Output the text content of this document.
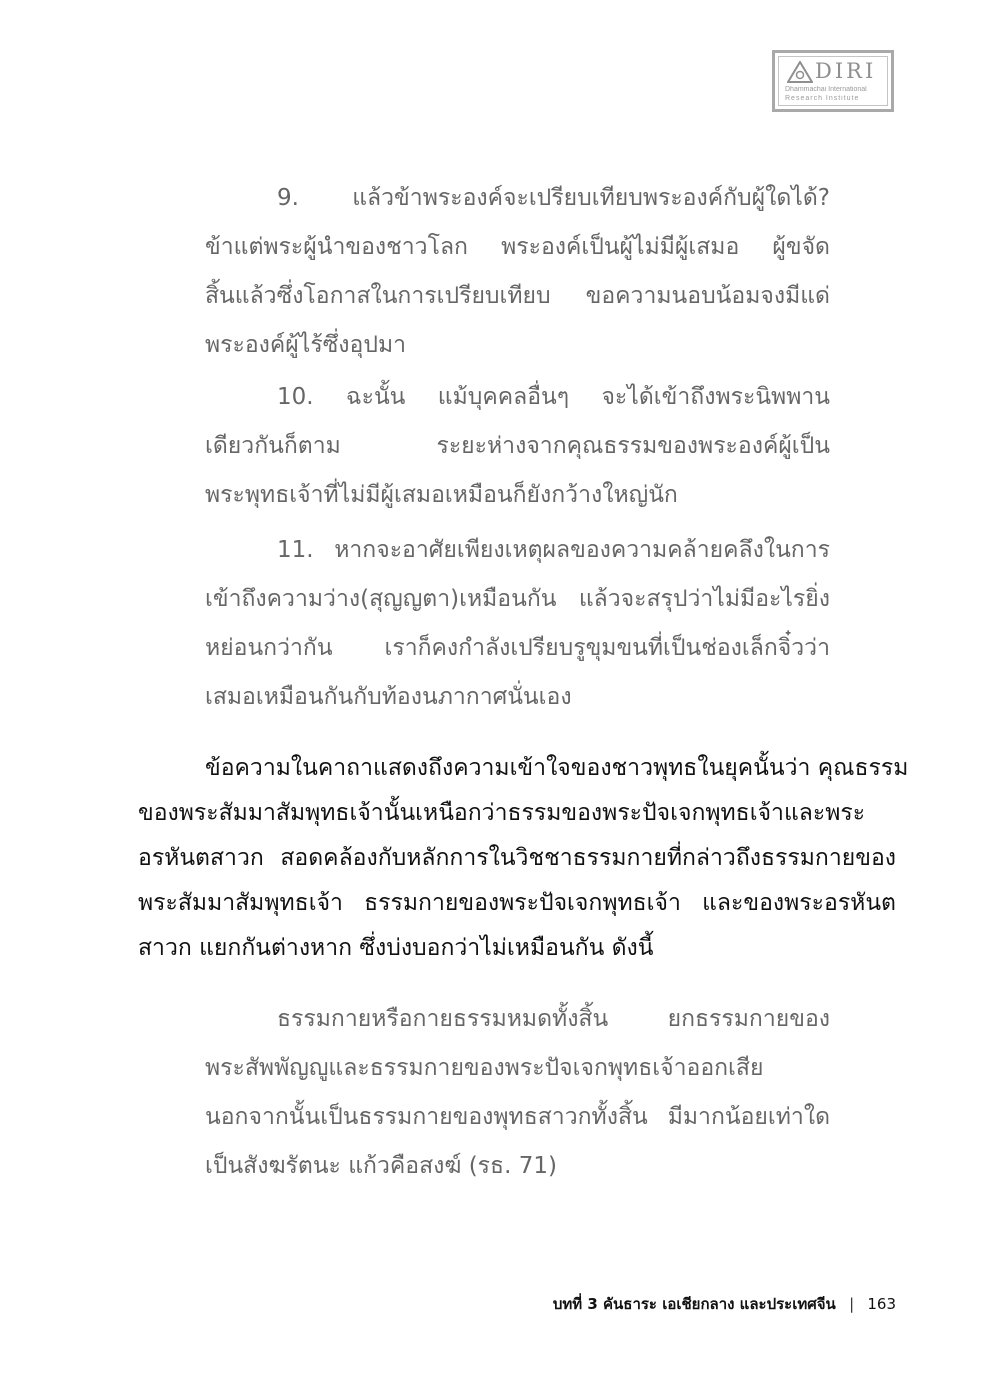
DIRI
Dhammachai International
Research Institute
9. แล้วข้าพระองค์จะเปรียบเทียบพระองค์กับผู้ใดได้?
ข้าแต่พระผู้นำของชาวโลก พระองค์เป็นผู้ไม่มีผู้เสมอ ผู้ขจัด
สิ้นแล้วซึ่งโอกาสในการเปรียบเทียบ ขอความนอบน้อมจงมีแด่
พระองค์ผู้ไร้ซึ่งอุปมา
10. ฉะนั้น แม้บุคคลอื่นๆ จะได้เข้าถึงพระนิพพาน
เดียวกันก็ตาม ระยะห่างจากคุณธรรมของพระองค์ผู้เป็น
พระพุทธเจ้าที่ไม่มีผู้เสมอเหมือนก็ยังกว้างใหญ่นัก
11. หากจะอาศัยเพียงเหตุผลของความคล้ายคลึงในการ
เข้าถึงความว่าง(สุญญตา)เหมือนกัน แล้วจะสรุปว่าไม่มีอะไรยิ่ง
หย่อนกว่ากัน เราก็คงกำลังเปรียบรูขุมขนที่เป็นช่องเล็กจิ๋วว่า
เสมอเหมือนกันกับท้องนภากาศนั่นเอง
ข้อความในคาถาแสดงถึงความเข้าใจของชาวพุทธในยุคนั้นว่า คุณธรรม
ของพระสัมมาสัมพุทธเจ้านั้นเหนือกว่าธรรมของพระปัจเจกพุทธเจ้าและพระ
อรหันตสาวก สอดคล้องกับหลักการในวิชชาธรรมกายที่กล่าวถึงธรรมกายของ
พระสัมมาสัมพุทธเจ้า ธรรมกายของพระปัจเจกพุทธเจ้า และของพระอรหันต
สาวก แยกกันต่างหาก ซึ่งบ่งบอกว่าไม่เหมือนกัน ดังนี้
ธรรมกายหรือกายธรรมหมดทั้งสิ้น ยกธรรมกายของ
พระสัพพัญญูและธรรมกายของพระปัจเจกพุทธเจ้าออกเสีย
นอกจากนั้นเป็นธรรมกายของพุทธสาวกทั้งสิ้น มีมากน้อยเท่าใด
เป็นสังฆรัตนะ แก้วคือสงฆ์ (รธ. 71)
บทที่ 3 คันธาระ เอเชียกลาง และประเทศจีน | 163
